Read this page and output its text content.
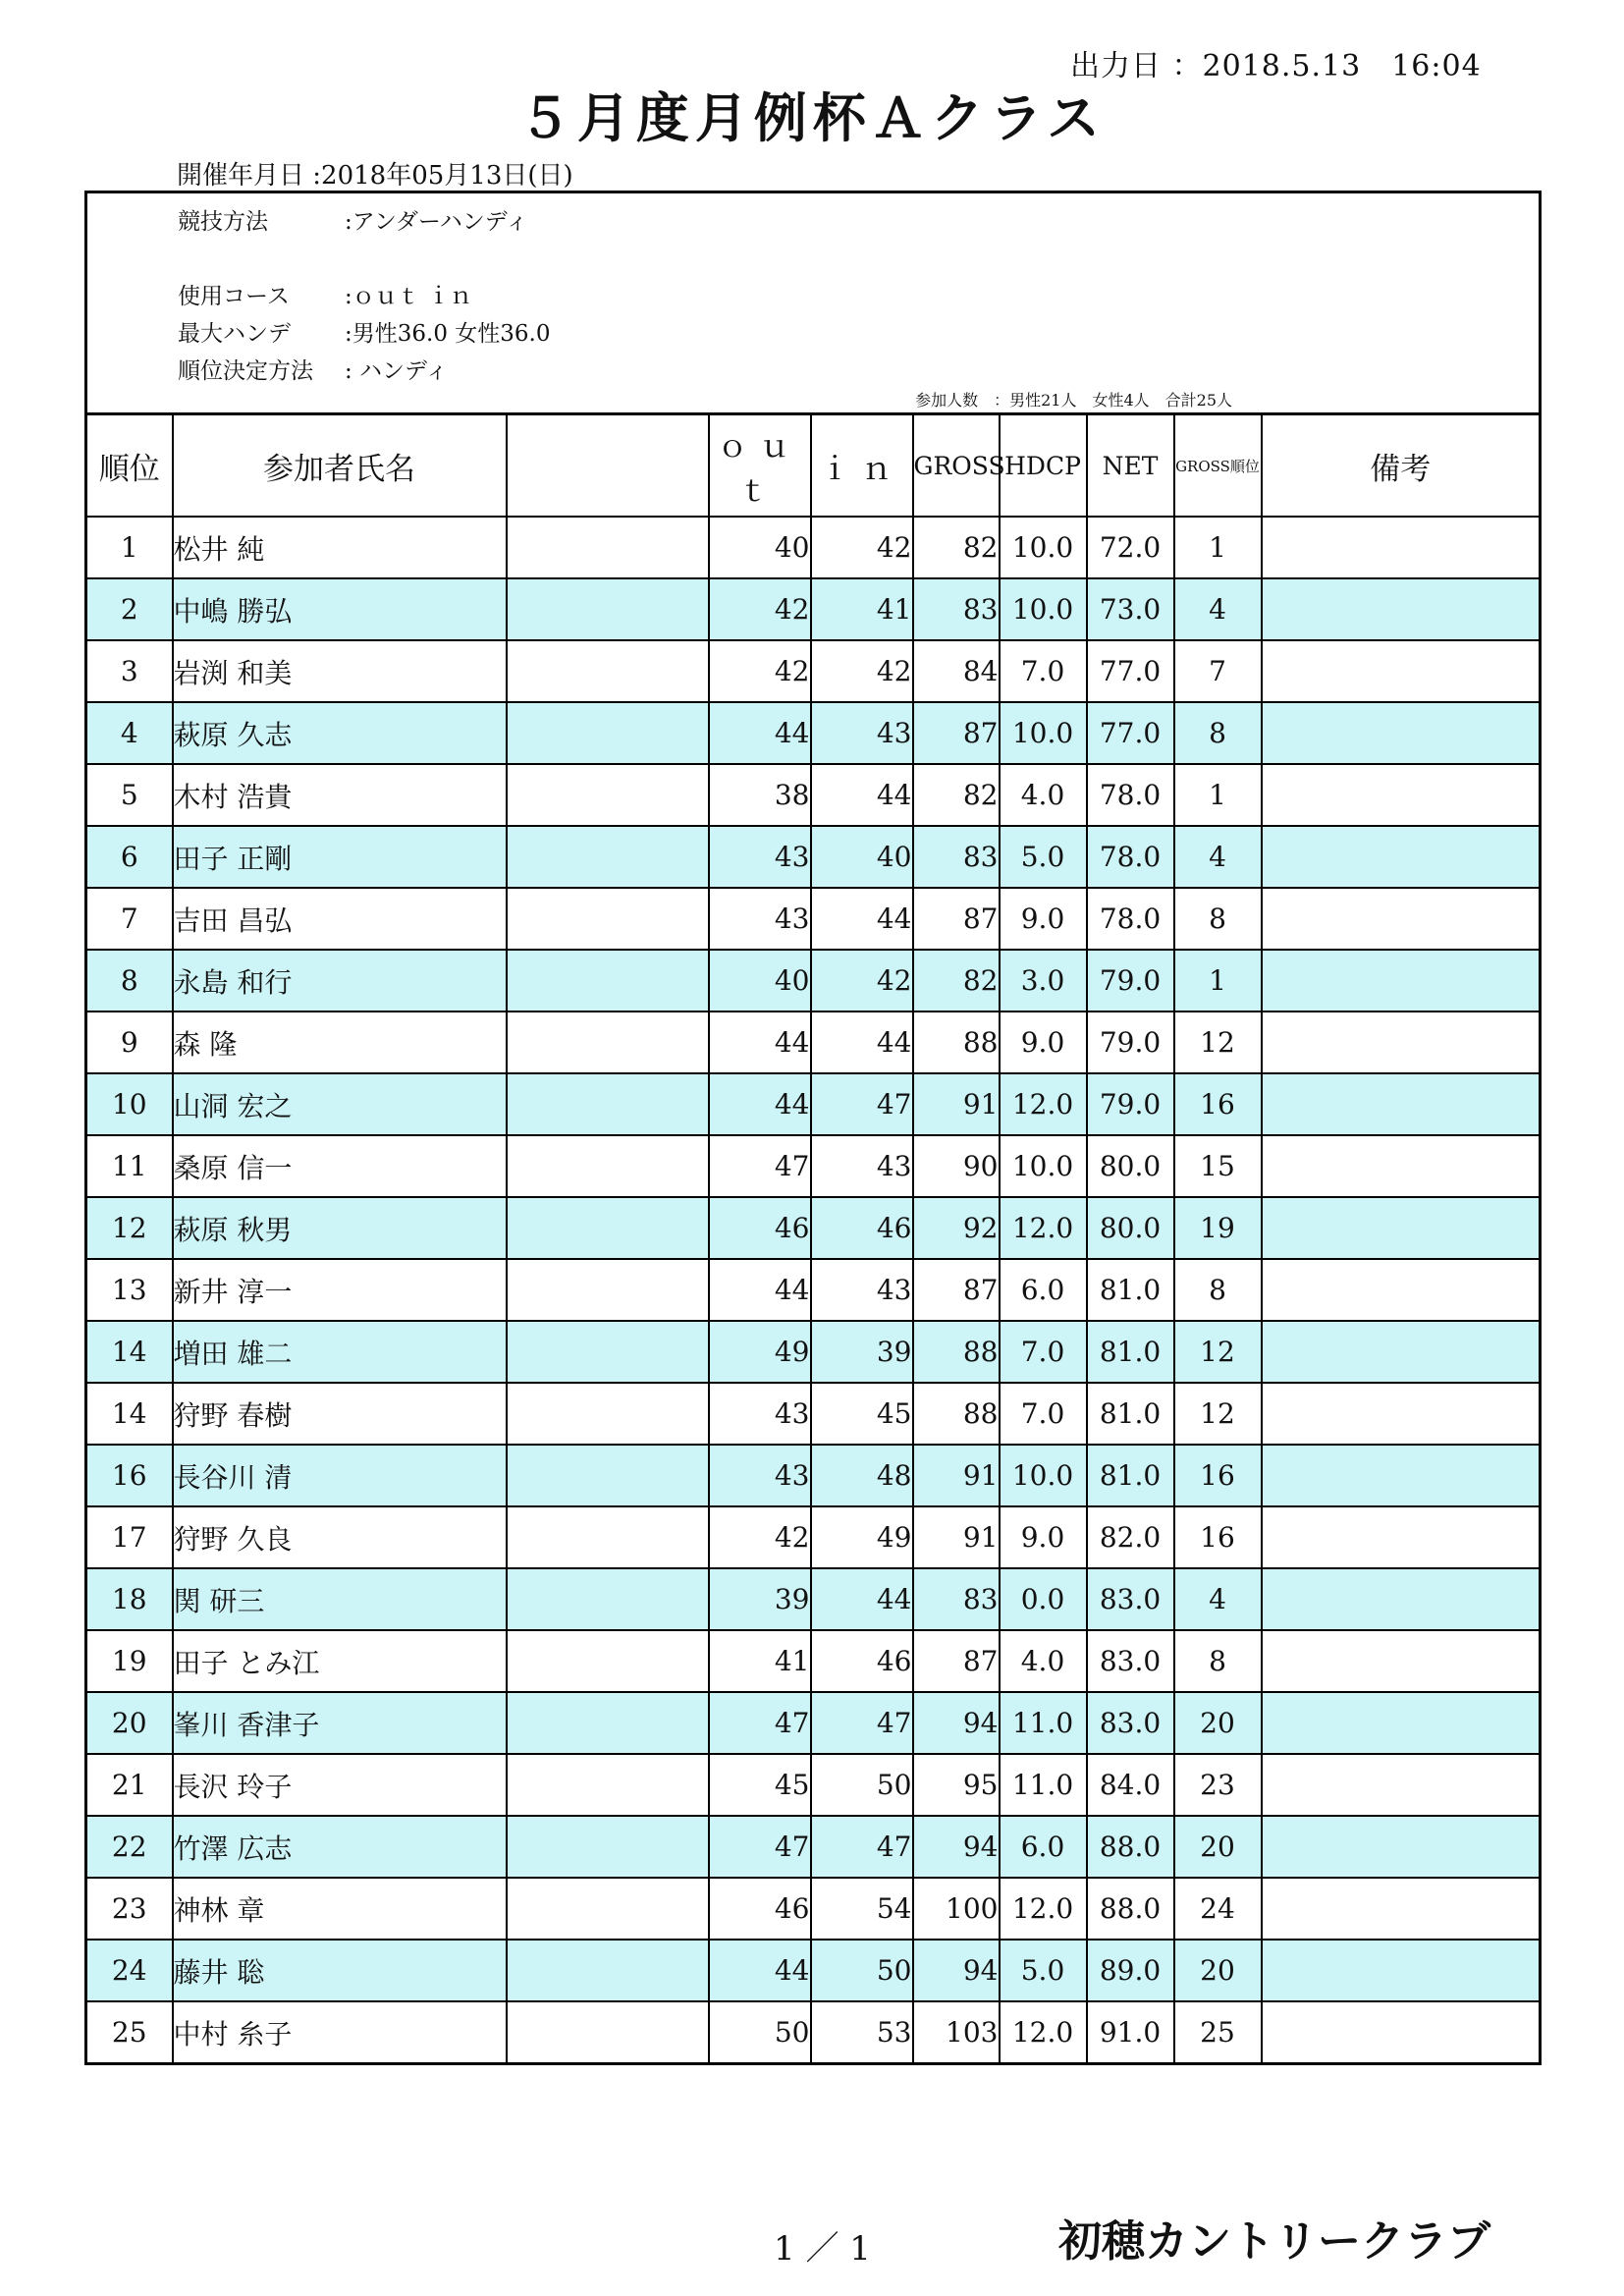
出力日 ：2018.5.13　16:04
５月度月例杯Ａクラス
開催年月日 :2018年05月13日(日)
競技方法	:アンダーハンディ
使用コース :ｏｕｔ ｉｎ
最大ハンデ :男性36.0 女性36.0
順位決定方法 : ハンディ
参加人数　：男性21人　女性4人　合計25人
順位	参加者氏名		ｏｕｔ	ｉｎ	GROSS	HDCP	NET	GROSS順位	備考
1	松井 純		40	42	82	10.0	72.0	1	
2	中嶋 勝弘		42	41	83	10.0	73.0	4	
3	岩渕 和美		42	42	84	7.0	77.0	7	
4	萩原 久志		44	43	87	10.0	77.0	8	
5	木村 浩貴		38	44	82	4.0	78.0	1	
6	田子 正剛		43	40	83	5.0	78.0	4	
7	吉田 昌弘		43	44	87	9.0	78.0	8	
8	永島 和行		40	42	82	3.0	79.0	1	
9	森 隆		44	44	88	9.0	79.0	12	
10	山洞 宏之		44	47	91	12.0	79.0	16	
11	桑原 信一		47	43	90	10.0	80.0	15	
12	萩原 秋男		46	46	92	12.0	80.0	19	
13	新井 淳一		44	43	87	6.0	81.0	8	
14	増田 雄二		49	39	88	7.0	81.0	12	
14	狩野 春樹		43	45	88	7.0	81.0	12	
16	長谷川 清		43	48	91	10.0	81.0	16	
17	狩野 久良		42	49	91	9.0	82.0	16	
18	関 研三		39	44	83	0.0	83.0	4	
19	田子 とみ江		41	46	87	4.0	83.0	8	
20	峯川 香津子		47	47	94	11.0	83.0	20	
21	長沢 玲子		45	50	95	11.0	84.0	23	
22	竹澤 広志		47	47	94	6.0	88.0	20	
23	神林 章		46	54	100	12.0	88.0	24	
24	藤井 聡		44	50	94	5.0	89.0	20	
25	中村 糸子		50	53	103	12.0	91.0	25	
1 ／ 1	初穂カントリークラブ
